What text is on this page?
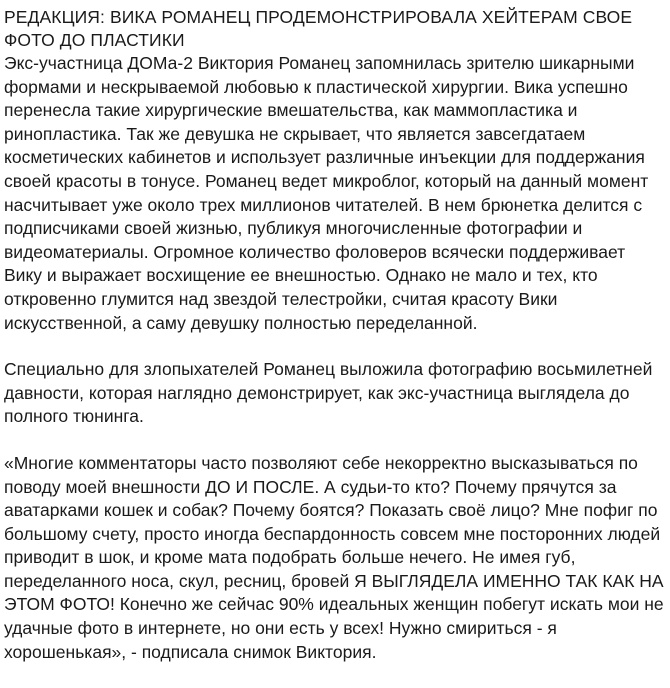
РЕДАКЦИЯ: ВИКА РОМАНЕЦ ПРОДЕМОНСТРИРОВАЛА ХЕЙТЕРАМ СВОЕ ФОТО ДО ПЛАСТИКИ

Экс-участница ДОМа-2 Виктория Романец запомнилась зрителю шикарными формами и нескрываемой любовью к пластической хирургии. Вика успешно перенесла такие хирургические вмешательства, как маммопластика и ринопластика. Так же девушка не скрывает, что является завсегдатаем косметических кабинетов и использует различные инъекции для поддержания своей красоты в тонусе. Романец ведет микроблог, который на данный момент насчитывает уже около трех миллионов читателей. В нем брюнетка делится с подписчиками своей жизнью, публикуя многочисленные фотографии и видеоматериалы. Огромное количество фоловеров всячески поддерживает Вику и выражает восхищение ее внешностью. Однако не мало и тех, кто откровенно глумится над звездой телестройки, считая красоту Вики искусственной, а саму девушку полностью переделанной.

Специально для злопыхателей Романец выложила фотографию восьмилетней давности, которая наглядно демонстрирует, как экс-участница выглядела до полного тюнинга.

«Многие комментаторы часто позволяют себе некорректно высказываться по поводу моей внешности ДО И ПОСЛЕ. А судьи-то кто? Почему прячутся за аватарками кошек и собак? Почему боятся? Показать своё лицо? Мне пофиг по большому счету, просто иногда беспардонность совсем мне посторонних людей приводит в шок, и кроме мата подобрать больше нечего. Не имея губ, переделанного носа, скул, ресниц, бровей Я ВЫГЛЯДЕЛА ИМЕННО ТАК КАК НА ЭТОМ ФОТО! Конечно же сейчас 90% идеальных женщин побегут искать мои не удачные фото в интернете, но они есть у всех! Нужно смириться - я хорошенькая», - подписала снимок Виктория.
